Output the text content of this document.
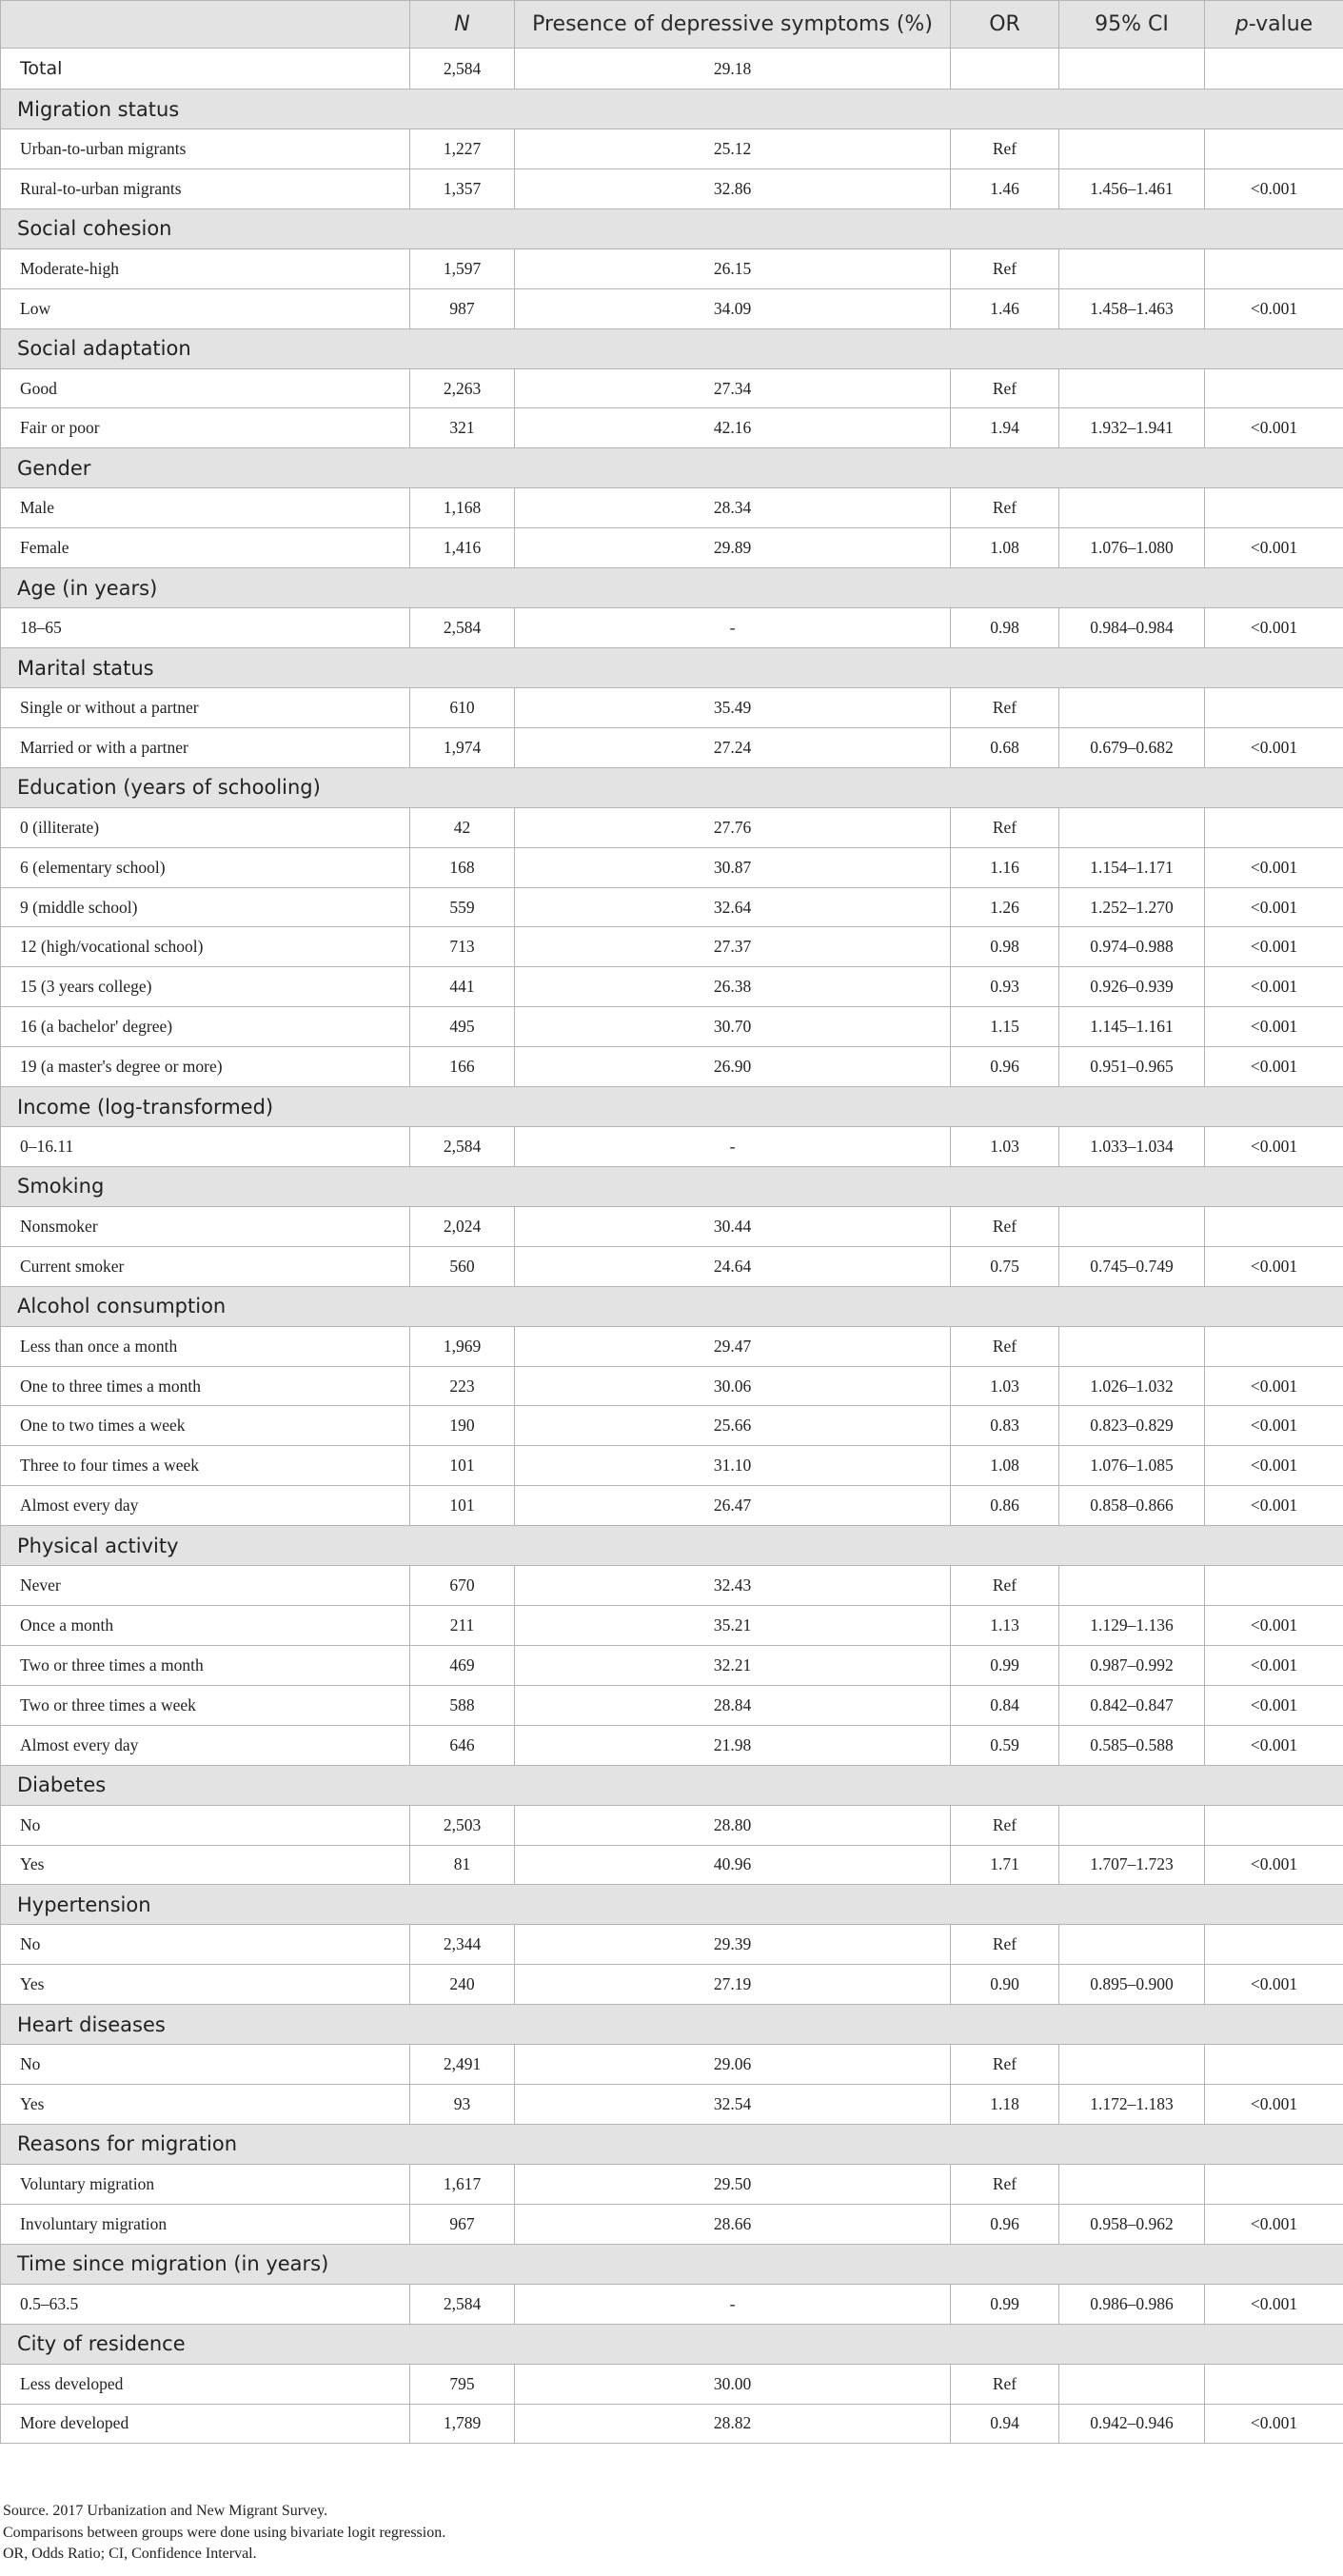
	N	Presence of depressive symptoms (%)	OR	95% CI	p-value
Total	2,584	29.18			
Migration status					
Urban-to-urban migrants	1,227	25.12	Ref		
Rural-to-urban migrants	1,357	32.86	1.46	1.456–1.461	<0.001
Social cohesion					
Moderate-high	1,597	26.15	Ref		
Low	987	34.09	1.46	1.458–1.463	<0.001
Social adaptation					
Good	2,263	27.34	Ref		
Fair or poor	321	42.16	1.94	1.932–1.941	<0.001
Gender					
Male	1,168	28.34	Ref		
Female	1,416	29.89	1.08	1.076–1.080	<0.001
Age (in years)					
18–65	2,584	-	0.98	0.984–0.984	<0.001
Marital status					
Single or without a partner	610	35.49	Ref		
Married or with a partner	1,974	27.24	0.68	0.679–0.682	<0.001
Education (years of schooling)					
0 (illiterate)	42	27.76	Ref		
6 (elementary school)	168	30.87	1.16	1.154–1.171	<0.001
9 (middle school)	559	32.64	1.26	1.252–1.270	<0.001
12 (high/vocational school)	713	27.37	0.98	0.974–0.988	<0.001
15 (3 years college)	441	26.38	0.93	0.926–0.939	<0.001
16 (a bachelor' degree)	495	30.70	1.15	1.145–1.161	<0.001
19 (a master's degree or more)	166	26.90	0.96	0.951–0.965	<0.001
Income (log-transformed)					
0–16.11	2,584	-	1.03	1.033–1.034	<0.001
Smoking					
Nonsmoker	2,024	30.44	Ref		
Current smoker	560	24.64	0.75	0.745–0.749	<0.001
Alcohol consumption					
Less than once a month	1,969	29.47	Ref		
One to three times a month	223	30.06	1.03	1.026–1.032	<0.001
One to two times a week	190	25.66	0.83	0.823–0.829	<0.001
Three to four times a week	101	31.10	1.08	1.076–1.085	<0.001
Almost every day	101	26.47	0.86	0.858–0.866	<0.001
Physical activity					
Never	670	32.43	Ref		
Once a month	211	35.21	1.13	1.129–1.136	<0.001
Two or three times a month	469	32.21	0.99	0.987–0.992	<0.001
Two or three times a week	588	28.84	0.84	0.842–0.847	<0.001
Almost every day	646	21.98	0.59	0.585–0.588	<0.001
Diabetes					
No	2,503	28.80	Ref		
Yes	81	40.96	1.71	1.707–1.723	<0.001
Hypertension					
No	2,344	29.39	Ref		
Yes	240	27.19	0.90	0.895–0.900	<0.001
Heart diseases					
No	2,491	29.06	Ref		
Yes	93	32.54	1.18	1.172–1.183	<0.001
Reasons for migration					
Voluntary migration	1,617	29.50	Ref		
Involuntary migration	967	28.66	0.96	0.958–0.962	<0.001
Time since migration (in years)					
0.5–63.5	2,584	-	0.99	0.986–0.986	<0.001
City of residence					
Less developed	795	30.00	Ref		
More developed	1,789	28.82	0.94	0.942–0.946	<0.001
Source. 2017 Urbanization and New Migrant Survey.
Comparisons between groups were done using bivariate logit regression.
OR, Odds Ratio; CI, Confidence Interval.
